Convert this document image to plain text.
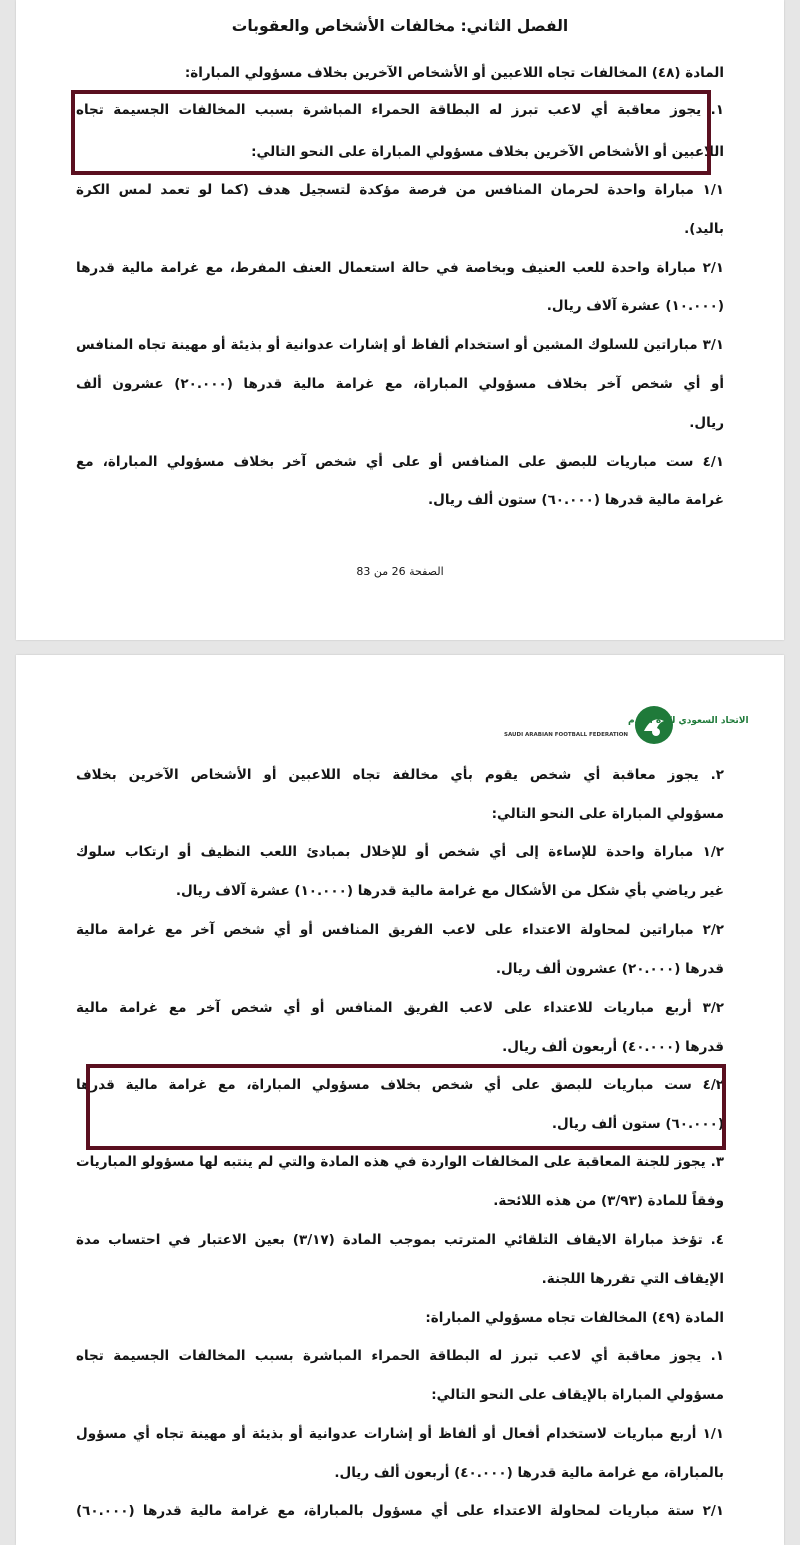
الفصل الثاني: مخالفات الأشخاص والعقوبات
المادة (٤٨) المخالفات تجاه اللاعبين أو الأشخاص الآخرين بخلاف مسؤولي المباراة:
١. يجوز معاقبة أي لاعب تبرز له البطاقة الحمراء المباشرة بسبب المخالفات الجسيمة تجاه
اللاعبين أو الأشخاص الآخرين بخلاف مسؤولي المباراة على النحو التالي:
١/١ مباراة واحدة لحرمان المنافس من فرصة مؤكدة لتسجيل هدف (كما لو تعمد لمس الكرة
باليد).
٢/١ مباراة واحدة للعب العنيف وبخاصة في حالة استعمال العنف المفرط، مع غرامة مالية قدرها
(١٠.٠٠٠) عشرة آلاف ريال.
٣/١ مباراتين للسلوك المشين أو استخدام ألفاظ أو إشارات عدوانية أو بذيئة أو مهينة تجاه المنافس
أو أي شخص آخر بخلاف مسؤولي المباراة، مع غرامة مالية قدرها (٢٠.٠٠٠) عشرون ألف
ريال.
٤/١ ست مباريات للبصق على المنافس أو على أي شخص آخر بخلاف مسؤولي المباراة، مع
غرامة مالية قدرها (٦٠.٠٠٠) ستون ألف ريال.
الصفحة 26 من 83
الاتحاد السعودي لكرة القدم
SAUDI ARABIAN FOOTBALL FEDERATION
٢. يجوز معاقبة أي شخص يقوم بأي مخالفة تجاه اللاعبين أو الأشخاص الآخرين بخلاف
مسؤولي المباراة على النحو التالي:
١/٢ مباراة واحدة للإساءة إلى أي شخص أو للإخلال بمبادئ اللعب النظيف أو ارتكاب سلوك
غير رياضي بأي شكل من الأشكال مع غرامة مالية قدرها (١٠.٠٠٠) عشرة آلاف ريال.
٢/٢ مباراتين لمحاولة الاعتداء على لاعب الفريق المنافس أو أي شخص آخر مع غرامة مالية
قدرها (٢٠.٠٠٠) عشرون ألف ريال.
٣/٢ أربع مباريات للاعتداء على لاعب الفريق المنافس أو أي شخص آخر مع غرامة مالية
قدرها (٤٠.٠٠٠) أربعون ألف ريال.
٤/٢ ست مباريات للبصق على أي شخص بخلاف مسؤولي المباراة، مع غرامة مالية قدرها
(٦٠.٠٠٠) ستون ألف ريال.
٣. يجوز للجنة المعاقبة على المخالفات الواردة في هذه المادة والتي لم ينتبه لها مسؤولو المباريات
وفقاً للمادة (٣/٩٣) من هذه اللائحة.
٤. تؤخذ مباراة الايقاف التلقائي المترتب بموجب المادة (٣/١٧) بعين الاعتبار في احتساب مدة
الإيقاف التي تقررها اللجنة.
المادة (٤٩) المخالفات تجاه مسؤولي المباراة:
١. يجوز معاقبة أي لاعب تبرز له البطاقة الحمراء المباشرة بسبب المخالفات الجسيمة تجاه
مسؤولي المباراة بالإيقاف على النحو التالي:
١/١ أربع مباريات لاستخدام أفعال أو ألفاظ أو إشارات عدوانية أو بذيئة أو مهينة تجاه أي مسؤول
بالمباراة، مع غرامة مالية قدرها (٤٠.٠٠٠) أربعون ألف ريال.
٢/١ ستة مباريات لمحاولة الاعتداء على أي مسؤول بالمباراة، مع غرامة مالية قدرها (٦٠.٠٠٠)
